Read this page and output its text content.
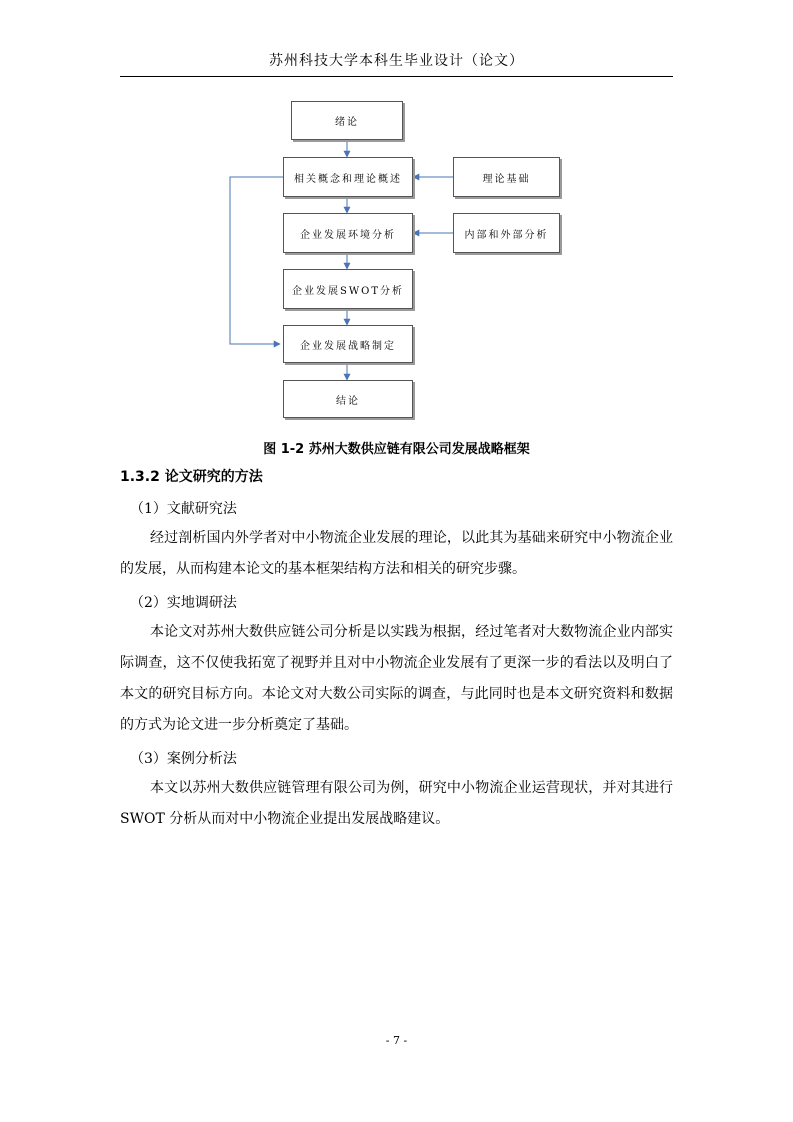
苏州科技大学本科生毕业设计（论文）
绪论
相关概念和理论概述	理论基础
企业发展环境分析	内部和外部分析
企业发展SWOT分析
企业发展战略制定
结论
图 1-2 苏州大数供应链有限公司发展战略框架
1.3.2 论文研究的方法
（1）文献研究法

经过剖析国内外学者对中小物流企业发展的理论，以此其为基础来研究中小物流企业的发展，从而构建本论文的基本框架结构方法和相关的研究步骤。

（2）实地调研法

本论文对苏州大数供应链公司分析是以实践为根据，经过笔者对大数物流企业内部实际调查，这不仅使我拓宽了视野并且对中小物流企业发展有了更深一步的看法以及明白了本文的研究目标方向。本论文对大数公司实际的调查，与此同时也是本文研究资料和数据的方式为论文进一步分析奠定了基础。

（3）案例分析法

本文以苏州大数供应链管理有限公司为例，研究中小物流企业运营现状，并对其进行 SWOT 分析从而对中小物流企业提出发展战略建议。

- 7 -
